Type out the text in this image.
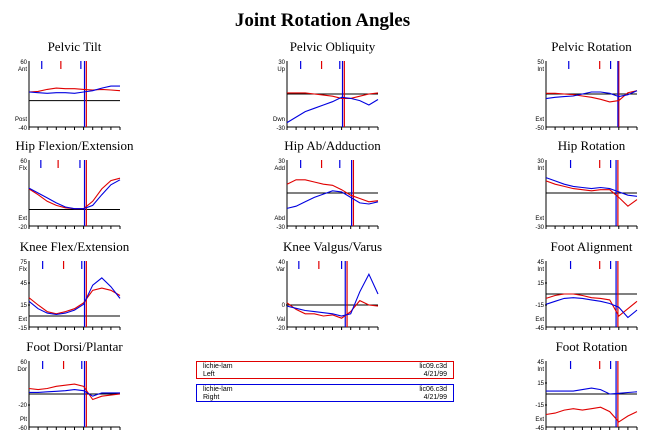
Joint Rotation Angles
Pelvic Tilt
60
Ant
Post
-40
Pelvic Obliquity
30
Up
Dwn
-30
Pelvic Rotation
50
Int
Ext
-50
Hip Flexion/Extension
60
Flx
Ext
-20
Hip Ab/Adduction
30
Add
Abd
-30
Hip Rotation
30
Int
Ext
-30
Knee Flex/Extension
75
Flx
Ext
-15
45
15
Knee Valgus/Varus
40
Var
Val
-20
0
Foot Alignment
45
Int
Ext
-45
15
-15
Foot Dorsi/Plantar
60
Dor
Plt
-60
-20
Foot Rotation
45
Int
Ext
-45
15
-15
lichie-lam	lic09.c3d
Left	4/21/99
lichie-lam	lic06.c3d
Right	4/21/99
